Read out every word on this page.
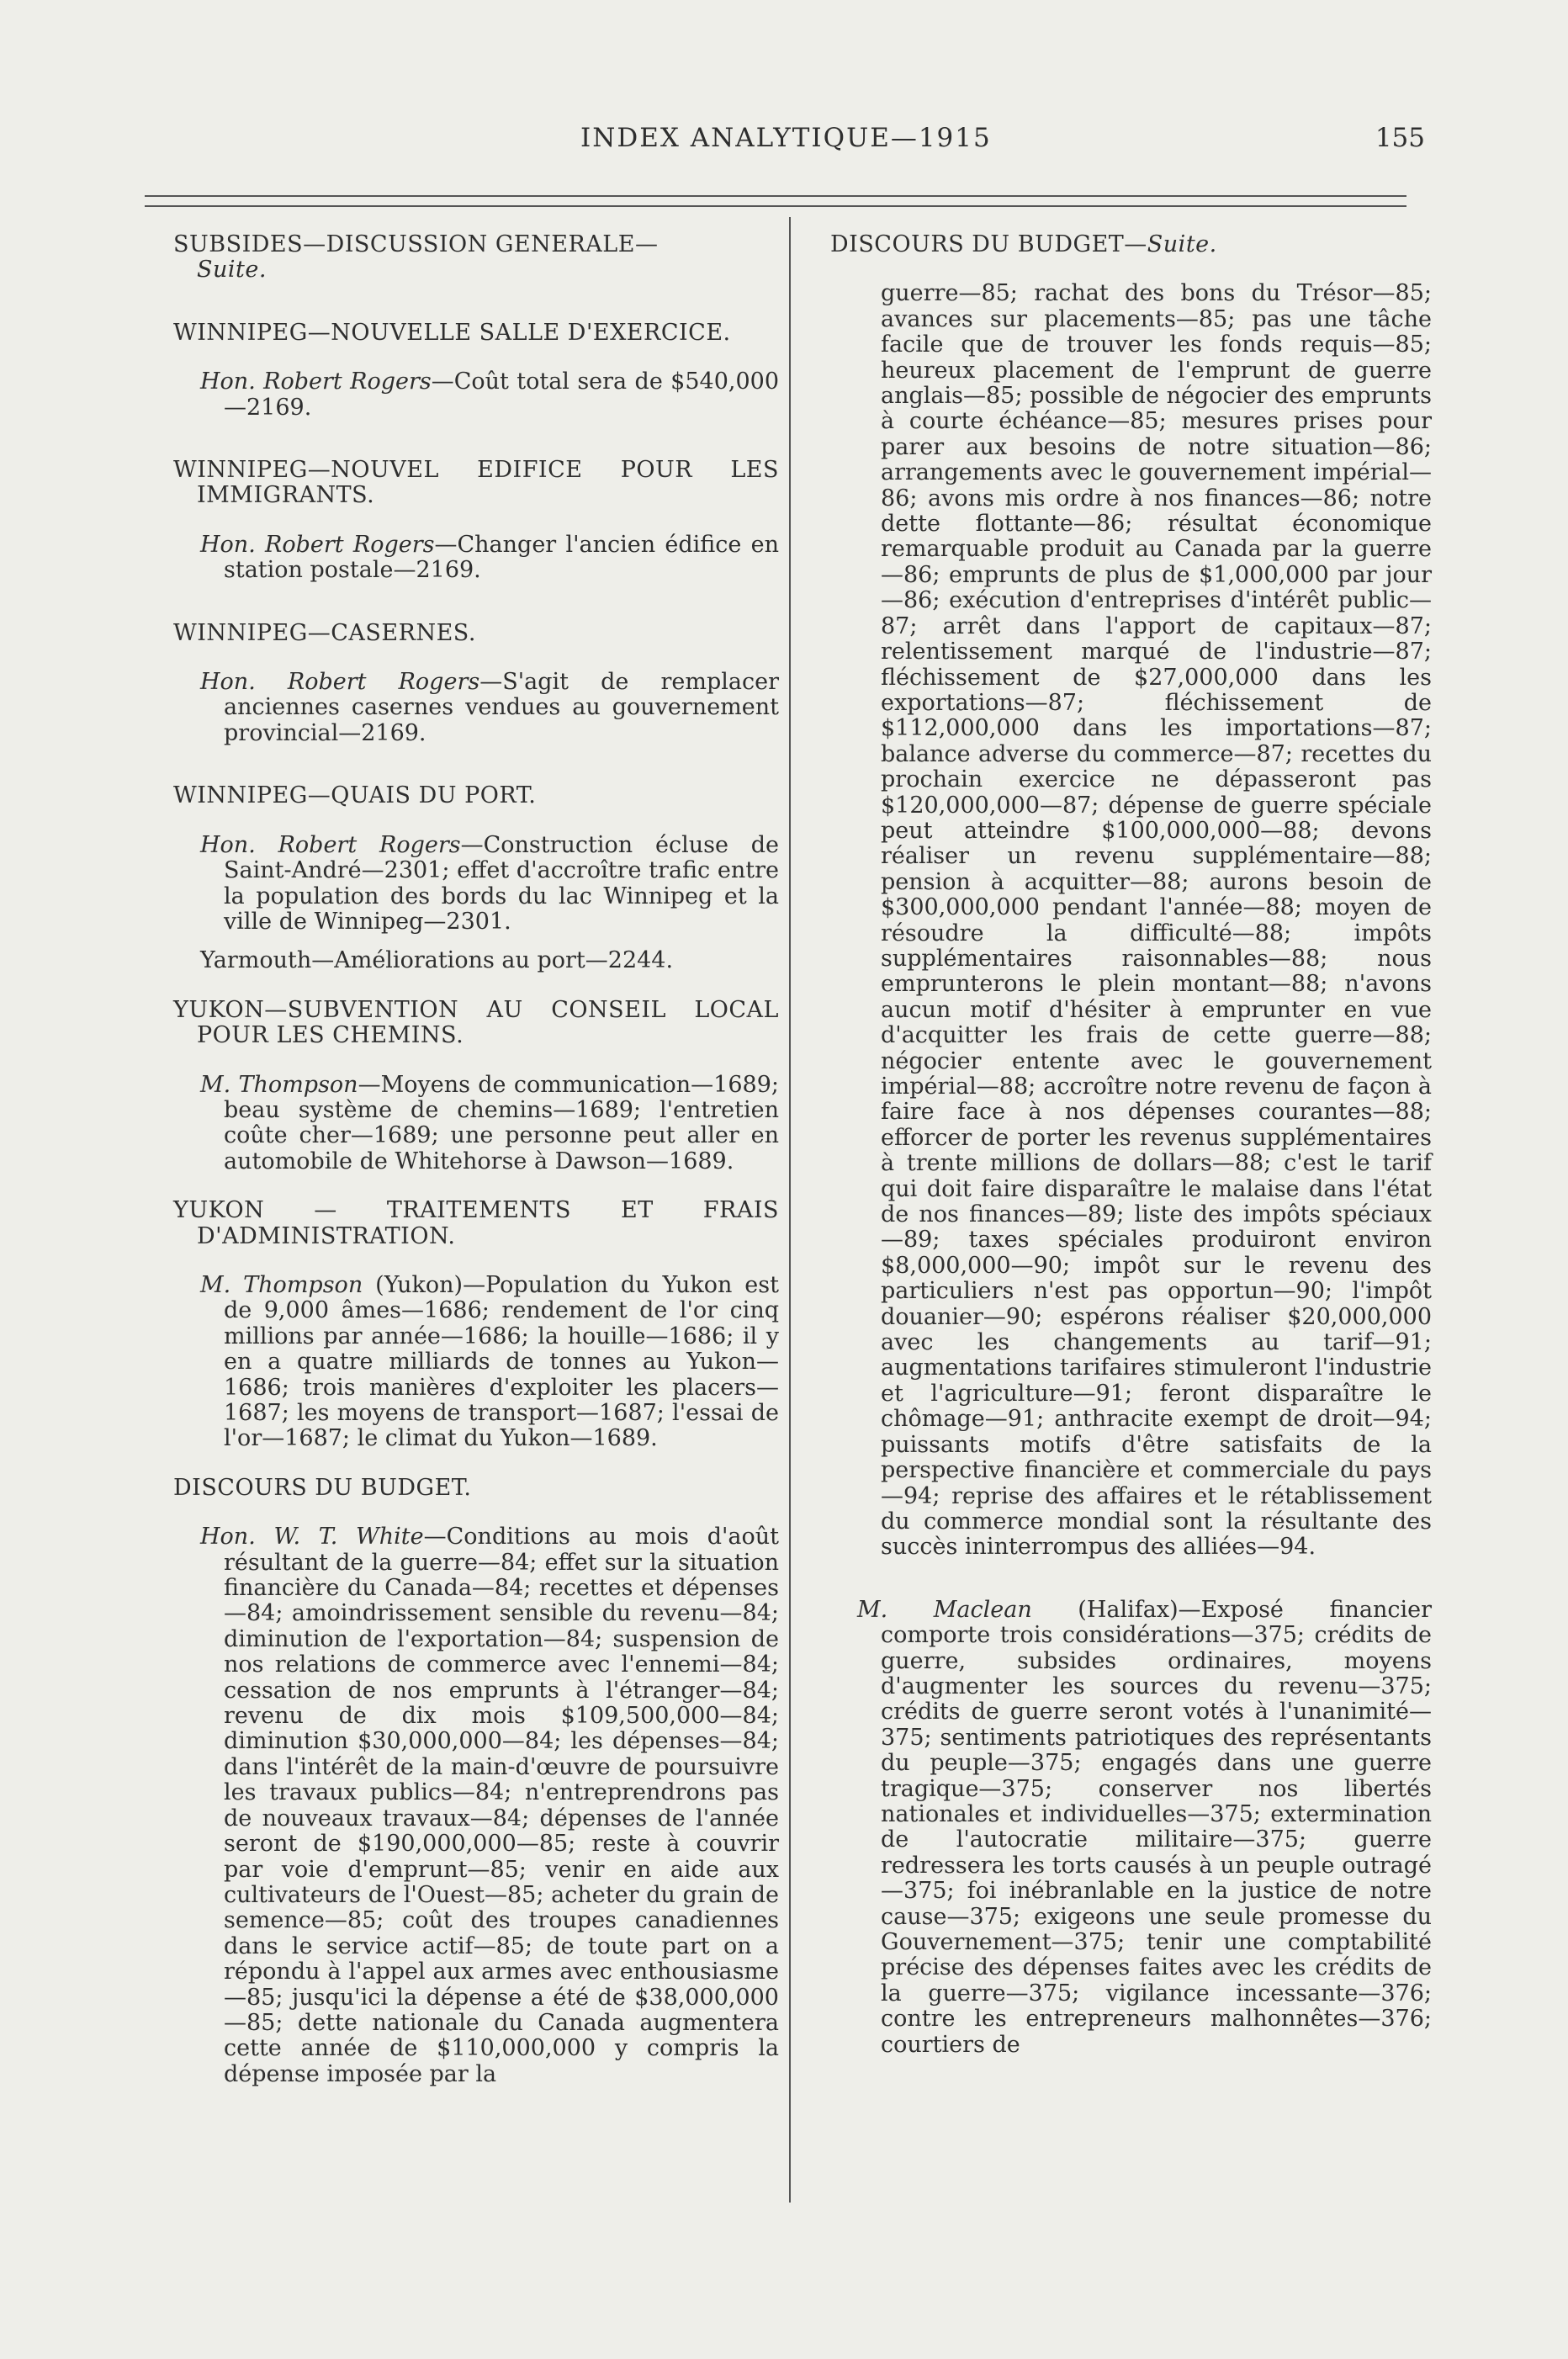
INDEX ANALYTIQUE—1915	155
SUBSIDES—DISCUSSION GENERALE—
Suite.
WINNIPEG—NOUVELLE SALLE D'EXERCICE.
Hon. Robert Rogers—Coût total sera de $540,000—2169.
WINNIPEG—NOUVEL EDIFICE POUR LES IMMIGRANTS.
Hon. Robert Rogers—Changer l'ancien édifice en station postale—2169.
WINNIPEG—CASERNES.
Hon. Robert Rogers—S'agit de remplacer anciennes casernes vendues au gouvernement provincial—2169.
WINNIPEG—QUAIS DU PORT.
Hon. Robert Rogers—Construction écluse de Saint-André—2301; effet d'accroître trafic entre la population des bords du lac Winnipeg et la ville de Winnipeg—2301.
Yarmouth—Améliorations au port—2244.
YUKON—SUBVENTION AU CONSEIL LOCAL POUR LES CHEMINS.
M. Thompson—Moyens de communication—1689; beau système de chemins—1689; l'entretien coûte cher—1689; une personne peut aller en automobile de Whitehorse à Dawson—1689.
YUKON — TRAITEMENTS ET FRAIS D'ADMINISTRATION.
M. Thompson (Yukon)—Population du Yukon est de 9,000 âmes—1686; rendement de l'or cinq millions par année—1686; la houille—1686; il y en a quatre milliards de tonnes au Yukon—1686; trois manières d'exploiter les placers—1687; les moyens de transport—1687; l'essai de l'or—1687; le climat du Yukon—1689.
DISCOURS DU BUDGET.
Hon. W. T. White—Conditions au mois d'août résultant de la guerre—84; effet sur la situation financière du Canada—84; recettes et dépenses—84; amoindrissement sensible du revenu—84; diminution de l'exportation—84; suspension de nos relations de commerce avec l'ennemi—84; cessation de nos emprunts à l'étranger—84; revenu de dix mois $109,500,000—84; diminution $30,000,000—84; les dépenses—84; dans l'intérêt de la main-d'œuvre de poursuivre les travaux publics—84; n'entreprendrons pas de nouveaux travaux—84; dépenses de l'année seront de $190,000,000—85; reste à couvrir par voie d'emprunt—85; venir en aide aux cultivateurs de l'Ouest—85; acheter du grain de semence—85; coût des troupes canadiennes dans le service actif—85; de toute part on a répondu à l'appel aux armes avec enthousiasme—85; jusqu'ici la dépense a été de $38,000,000—85; dette nationale du Canada augmentera cette année de $110,000,000 y compris la dépense imposée par la
DISCOURS DU BUDGET—Suite.
guerre—85; rachat des bons du Trésor—85; avances sur placements—85; pas une tâche facile que de trouver les fonds requis—85; heureux placement de l'emprunt de guerre anglais—85; possible de négocier des emprunts à courte échéance—85; mesures prises pour parer aux besoins de notre situation—86; arrangements avec le gouvernement impérial—86; avons mis ordre à nos finances—86; notre dette flottante—86; résultat économique remarquable produit au Canada par la guerre—86; emprunts de plus de $1,000,000 par jour—86; exécution d'entreprises d'intérêt public—87; arrêt dans l'apport de capitaux—87; relentissement marqué de l'industrie—87; fléchissement de $27,000,000 dans les exportations—87; fléchissement de $112,000,000 dans les importations—87; balance adverse du commerce—87; recettes du prochain exercice ne dépasseront pas $120,000,000—87; dépense de guerre spéciale peut atteindre $100,000,000—88; devons réaliser un revenu supplémentaire—88; pension à acquitter—88; aurons besoin de $300,000,000 pendant l'année—88; moyen de résoudre la difficulté—88; impôts supplémentaires raisonnables—88; nous emprunterons le plein montant—88; n'avons aucun motif d'hésiter à emprunter en vue d'acquitter les frais de cette guerre—88; négocier entente avec le gouvernement impérial—88; accroître notre revenu de façon à faire face à nos dépenses courantes—88; efforcer de porter les revenus supplémentaires à trente millions de dollars—88; c'est le tarif qui doit faire disparaître le malaise dans l'état de nos finances—89; liste des impôts spéciaux—89; taxes spéciales produiront environ $8,000,000—90; impôt sur le revenu des particuliers n'est pas opportun—90; l'impôt douanier—90; espérons réaliser $20,000,000 avec les changements au tarif—91; augmentations tarifaires stimuleront l'industrie et l'agriculture—91; feront disparaître le chômage—91; anthracite exempt de droit—94; puissants motifs d'être satisfaits de la perspective financière et commerciale du pays—94; reprise des affaires et le rétablissement du commerce mondial sont la résultante des succès ininterrompus des alliées—94.
M. Maclean (Halifax)—Exposé financier comporte trois considérations—375; crédits de guerre, subsides ordinaires, moyens d'augmenter les sources du revenu—375; crédits de guerre seront votés à l'unanimité—375; sentiments patriotiques des représentants du peuple—375; engagés dans une guerre tragique—375; conserver nos libertés nationales et individuelles—375; extermination de l'autocratie militaire—375; guerre redressera les torts causés à un peuple outragé—375; foi inébranlable en la justice de notre cause—375; exigeons une seule promesse du Gouvernement—375; tenir une comptabilité précise des dépenses faites avec les crédits de la guerre—375; vigilance incessante—376; contre les entrepreneurs malhonnêtes—376; courtiers de
